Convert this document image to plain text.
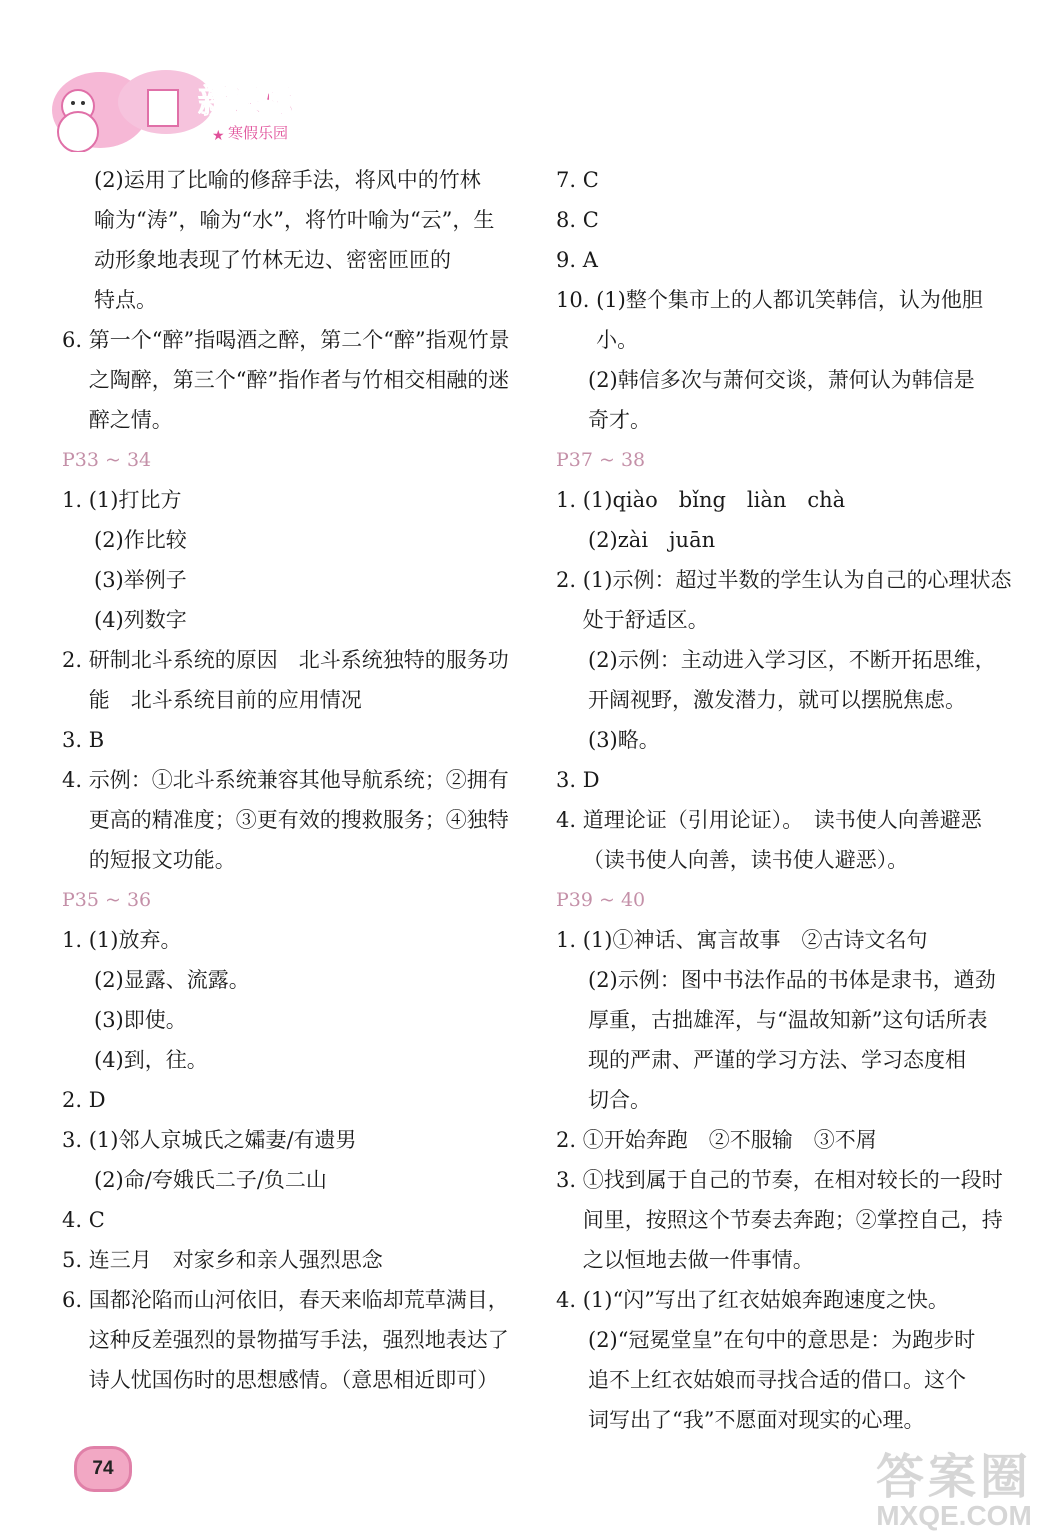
新课标
寒假乐园
★

(2)运用了比喻的修辞手法，将风中的竹林

喻为“涛”，喻为“水”，将竹叶喻为“云”，生

动形象地表现了竹林无边、密密匝匝的

特点。

6. 第一个“醉”指喝酒之醉，第二个“醉”指观竹景之陶醉，第三个“醉”指作者与竹相交相融的迷醉之情。

P33 ~ 34

1. (1)打比方

(2)作比较

(3)举例子

(4)列数字

2. 研制北斗系统的原因　北斗系统独特的服务功能　北斗系统目前的应用情况
3. B
4. 示例：①北斗系统兼容其他导航系统；②拥有更高的精准度；③更有效的搜救服务；④独特的短报文功能。

P35 ~ 36

1. (1)放弃。

(2)显露、流露。

(3)即使。

(4)到，往。

2. D
3. (1)邻人京城氏之孀妻/有遗男

(2)命/夸娥氏二子/负二山

4. C
5. 连三月　对家乡和亲人强烈思念
6. 国都沦陷而山河依旧，春天来临却荒草满目，这种反差强烈的景物描写手法，强烈地表达了诗人忧国伤时的思想感情。（意思相近即可）
7. C
8. C
9. A
10. (1)整个集市上的人都讥笑韩信，认为他胆小。

(2)韩信多次与萧何交谈，萧何认为韩信是

奇才。

P37 ~ 38

1. (1)qiào　bǐng　liàn　chà

(2)zài　juān

2. (1)示例：超过半数的学生认为自己的心理状态处于舒适区。

(2)示例：主动进入学习区，不断开拓思维，

开阔视野，激发潜力，就可以摆脱焦虑。

(3)略。

3. D
4. 道理论证（引用论证）。　读书使人向善避恶（读书使人向善，读书使人避恶）。

P39 ~ 40

1. (1)①神话、寓言故事　②古诗文名句

(2)示例：图中书法作品的书体是隶书，遒劲

厚重，古拙雄浑，与“温故知新”这句话所表

现的严肃、严谨的学习方法、学习态度相

切合。

2. ①开始奔跑　②不服输　③不屑
3. ①找到属于自己的节奏，在相对较长的一段时间里，按照这个节奏去奔跑；②掌控自己，持之以恒地去做一件事情。
4. (1)“闪”写出了红衣姑娘奔跑速度之快。

(2)“冠冕堂皇”在句中的意思是：为跑步时

追不上红衣姑娘而寻找合适的借口。这个

词写出了“我”不愿面对现实的心理。

74	答案圈
MXQE.COM
